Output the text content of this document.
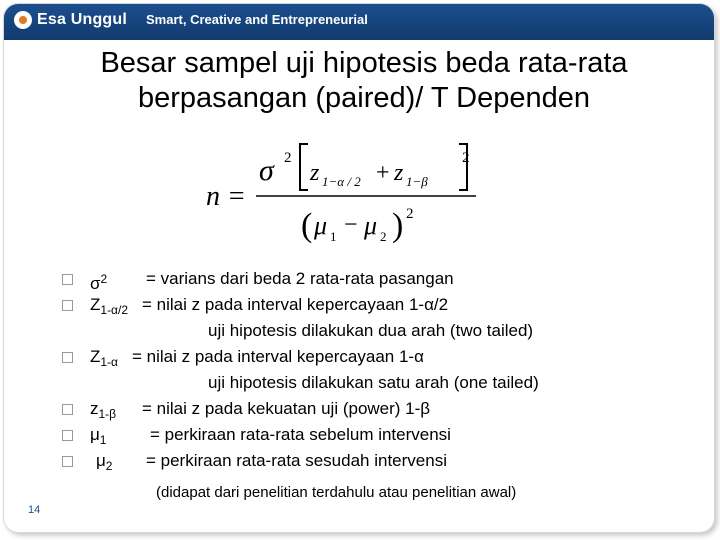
Esa Unggul Smart, Creative and Entrepreneurial
Besar sampel uji hipotesis beda rata-rata berpasangan (paired)/ T Dependen
n =
σ 2
z 1−α / 2 + z 1−β
2
( μ 1 − μ 2 ) 2
$\sigma^2$ = varians dari beda 2 rata-rata pasangan
$Z_{1-\alpha/2}$ = nilai z pada interval kepercayaan 1-α/2
uji hipotesis dilakukan dua arah (two tailed)
$Z_{1-\alpha}$ = nilai z pada interval kepercayaan 1-α
uji hipotesis dilakukan satu arah (one tailed)
$z_{1-\beta}$ = nilai z pada kekuatan uji (power) 1-β
$\mu_1$	= perkiraan rata-rata sebelum intervensi
$\mu_2$ = perkiraan rata-rata sesudah intervensi
(didapat dari penelitian terdahulu atau penelitian awal)
14
